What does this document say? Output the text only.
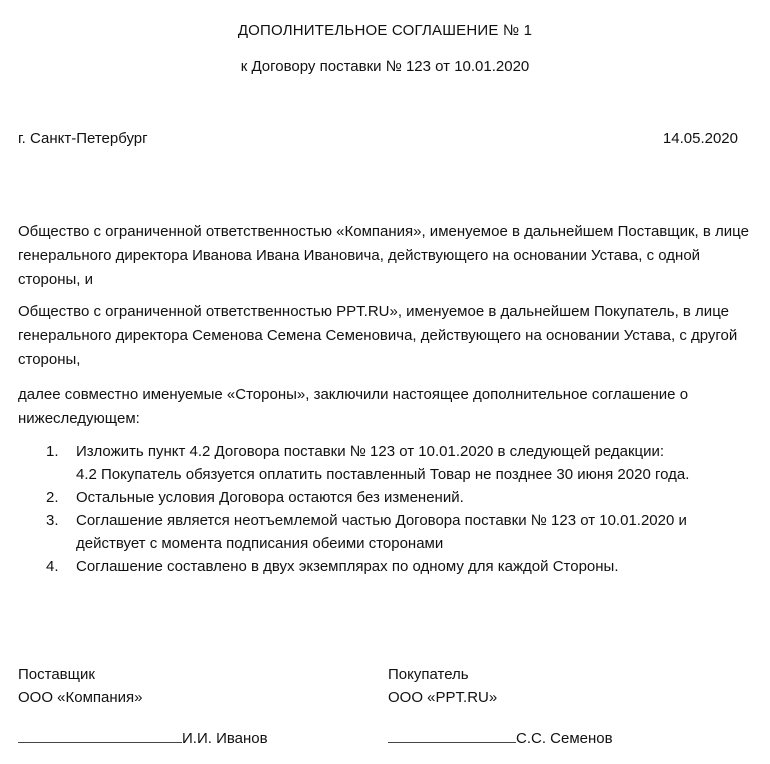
ДОПОЛНИТЕЛЬНОЕ СОГЛАШЕНИЕ № 1
к Договору поставки № 123 от 10.01.2020
г. Санкт-Петербург	14.05.2020

Общество с ограниченной ответственностью «Компания», именуемое в дальнейшем Поставщик, в лице генерального директора Иванова Ивана Ивановича, действующего на основании Устава, с одной стороны, и

Общество с ограниченной ответственностью PPT.RU», именуемое в дальнейшем Покупатель, в лице генерального директора Семенова Семена Семеновича, действующего на основании Устава, с другой стороны,

далее совместно именуемые «Стороны», заключили настоящее дополнительное соглашение о нижеследующем:

1. Изложить пункт 4.2 Договора поставки № 123 от 10.01.2020 в следующей редакции:
4.2 Покупатель обязуется оплатить поставленный Товар не позднее 30 июня 2020 года.
2. Остальные условия Договора остаются без изменений.
3. Соглашение является неотъемлемой частью Договора поставки № 123 от 10.01.2020 и
действует с момента подписания обеими сторонами
4. Соглашение составлено в двух экземплярах по одному для каждой Стороны.
Поставщик
ООО «Компания»
Покупатель
ООО «PPT.RU»
И.И. Иванов	С.С. Семенов
